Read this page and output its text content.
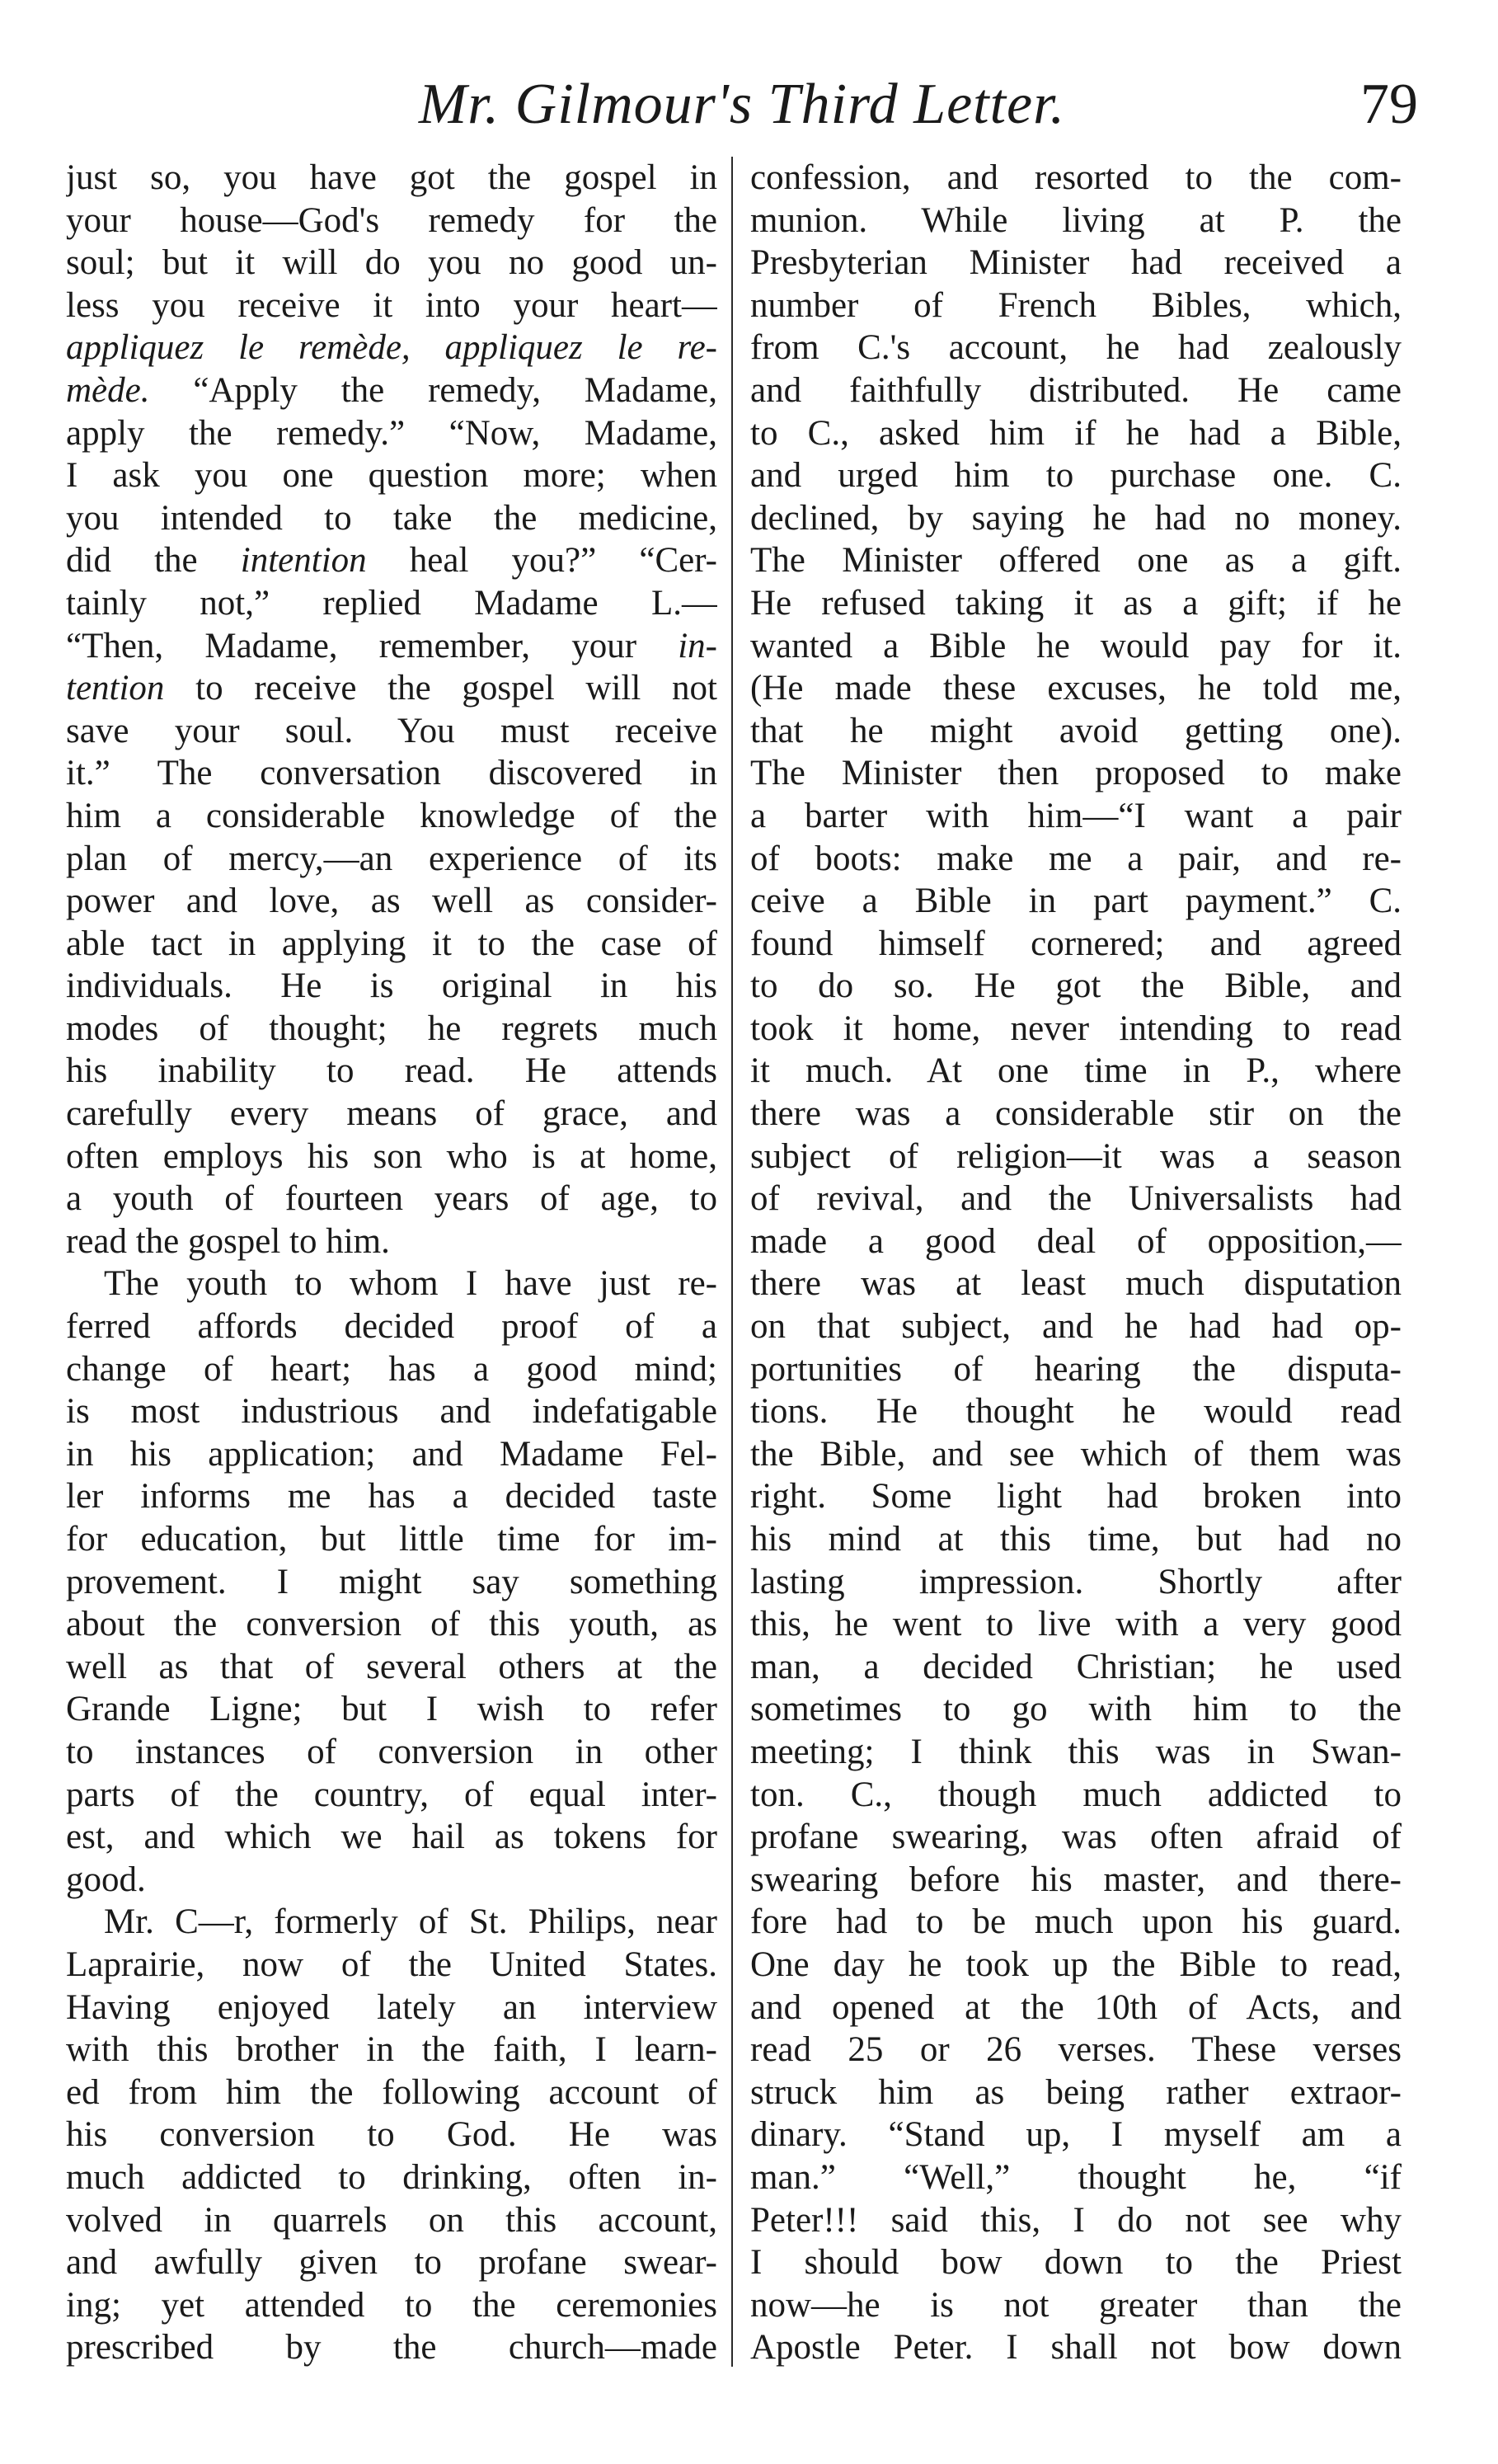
Mr. Gilmour's Third Letter.	79
just so, you have got the gospel in
your house—God's remedy for the
soul; but it will do you no good un-
less you receive it into your heart—
appliquez le remède, appliquez le re-
mède. “Apply the remedy, Madame,
apply the remedy.” “Now, Madame,
I ask you one question more; when
you intended to take the medicine,
did the intention heal you?” “Cer-
tainly not,” replied Madame L.—
“Then, Madame, remember, your in-
tention to receive the gospel will not
save your soul. You must receive
it.” The conversation discovered in
him a considerable knowledge of the
plan of mercy,—an experience of its
power and love, as well as consider-
able tact in applying it to the case of
individuals. He is original in his
modes of thought; he regrets much
his inability to read. He attends
carefully every means of grace, and
often employs his son who is at home,
a youth of fourteen years of age, to
read the gospel to him.
The youth to whom I have just re-
ferred affords decided proof of a
change of heart; has a good mind;
is most industrious and indefatigable
in his application; and Madame Fel-
ler informs me has a decided taste
for education, but little time for im-
provement. I might say something
about the conversion of this youth, as
well as that of several others at the
Grande Ligne; but I wish to refer
to instances of conversion in other
parts of the country, of equal inter-
est, and which we hail as tokens for
good.
Mr. C—r, formerly of St. Philips, near
Laprairie, now of the United States.
Having enjoyed lately an interview
with this brother in the faith, I learn-
ed from him the following account of
his conversion to God. He was
much addicted to drinking, often in-
volved in quarrels on this account,
and awfully given to profane swear-
ing; yet attended to the ceremonies
prescribed by the church—made
confession, and resorted to the com-
munion. While living at P. the
Presbyterian Minister had received a
number of French Bibles, which,
from C.'s account, he had zealously
and faithfully distributed. He came
to C., asked him if he had a Bible,
and urged him to purchase one. C.
declined, by saying he had no money.
The Minister offered one as a gift.
He refused taking it as a gift; if he
wanted a Bible he would pay for it.
(He made these excuses, he told me,
that he might avoid getting one).
The Minister then proposed to make
a barter with him—“I want a pair
of boots: make me a pair, and re-
ceive a Bible in part payment.” C.
found himself cornered; and agreed
to do so. He got the Bible, and
took it home, never intending to read
it much. At one time in P., where
there was a considerable stir on the
subject of religion—it was a season
of revival, and the Universalists had
made a good deal of opposition,—
there was at least much disputation
on that subject, and he had had op-
portunities of hearing the disputa-
tions. He thought he would read
the Bible, and see which of them was
right. Some light had broken into
his mind at this time, but had no
lasting impression. Shortly after
this, he went to live with a very good
man, a decided Christian; he used
sometimes to go with him to the
meeting; I think this was in Swan-
ton. C., though much addicted to
profane swearing, was often afraid of
swearing before his master, and there-
fore had to be much upon his guard.
One day he took up the Bible to read,
and opened at the 10th of Acts, and
read 25 or 26 verses. These verses
struck him as being rather extraor-
dinary. “Stand up, I myself am a
man.” “Well,” thought he, “if
Peter!!! said this, I do not see why
I should bow down to the Priest
now—he is not greater than the
Apostle Peter. I shall not bow down
